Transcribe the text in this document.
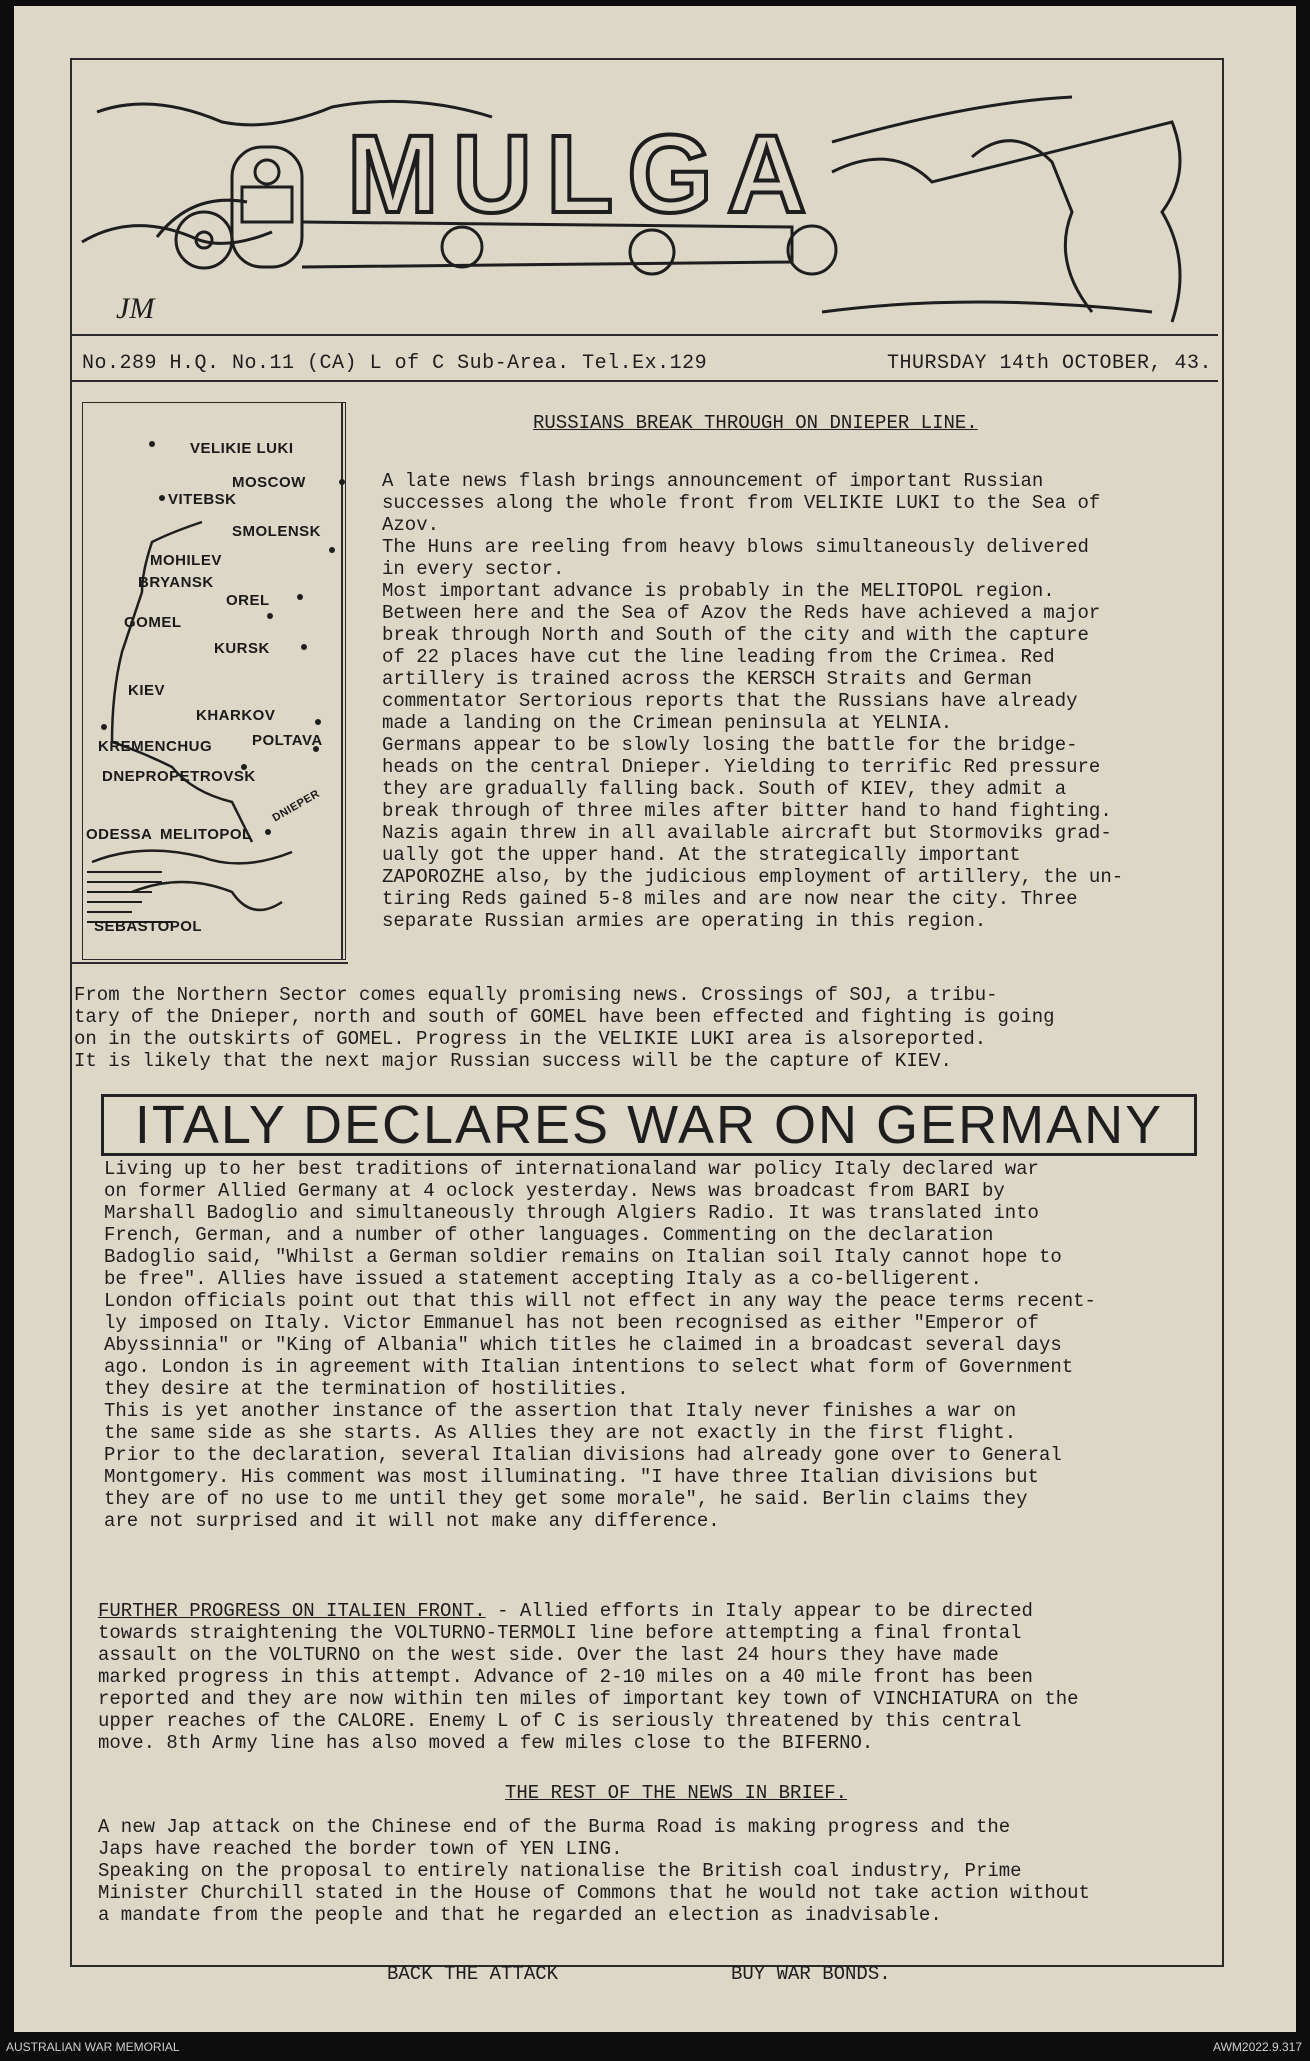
MULGA
JM
No.289 H.Q. No.11 (CA) L of C Sub-Area. Tel.Ex.129	THURSDAY 14th OCTOBER, 43.
VELIKIE LUKI
MOSCOW
VITEBSK
SMOLENSK
MOHILEV
BRYANSK
OREL
GOMEL
KURSK
KIEV
KHARKOV
KREMENCHUG	POLTAVA
DNEPROPETROVSK
DNIEPER
ODESSA MELITOPOL
SEBASTOPOL
RUSSIANS BREAK THROUGH ON DNIEPER LINE.
A late news flash brings announcement of important Russian
successes along the whole front from VELIKIE LUKI to the Sea of
Azov.
The Huns are reeling from heavy blows simultaneously delivered
in every sector.
Most important advance is probably in the MELITOPOL region.
Between here and the Sea of Azov the Reds have achieved a major
break through North and South of the city and with the capture
of 22 places have cut the line leading from the Crimea. Red
artillery is trained across the KERSCH Straits and German
commentator Sertorious reports that the Russians have already
made a landing on the Crimean peninsula at YELNIA.
Germans appear to be slowly losing the battle for the bridge-
heads on the central Dnieper. Yielding to terrific Red pressure
they are gradually falling back. South of KIEV, they admit a
break through of three miles after bitter hand to hand fighting.
Nazis again threw in all available aircraft but Stormoviks grad-
ually got the upper hand. At the strategically important
ZAPOROZHE also, by the judicious employment of artillery, the un-
tiring Reds gained 5-8 miles and are now near the city. Three
separate Russian armies are operating in this region.
From the Northern Sector comes equally promising news. Crossings of SOJ, a tribu-
tary of the Dnieper, north and south of GOMEL have been effected and fighting is going
on in the outskirts of GOMEL. Progress in the VELIKIE LUKI area is alsoreported.
It is likely that the next major Russian success will be the capture of KIEV.
ITALY DECLARES WAR ON GERMANY
Living up to her best traditions of internationaland war policy Italy declared war
on former Allied Germany at 4 oclock yesterday. News was broadcast from BARI by
Marshall Badoglio and simultaneously through Algiers Radio. It was translated into
French, German, and a number of other languages. Commenting on the declaration
Badoglio said, "Whilst a German soldier remains on Italian soil Italy cannot hope to
be free". Allies have issued a statement accepting Italy as a co-belligerent.
London officials point out that this will not effect in any way the peace terms recent-
ly imposed on Italy. Victor Emmanuel has not been recognised as either "Emperor of
Abyssinnia" or "King of Albania" which titles he claimed in a broadcast several days
ago. London is in agreement with Italian intentions to select what form of Government
they desire at the termination of hostilities.
This is yet another instance of the assertion that Italy never finishes a war on
the same side as she starts. As Allies they are not exactly in the first flight.
Prior to the declaration, several Italian divisions had already gone over to General
Montgomery. His comment was most illuminating. "I have three Italian divisions but
they are of no use to me until they get some morale", he said. Berlin claims they
are not surprised and it will not make any difference.
FURTHER PROGRESS ON ITALIEN FRONT. - Allied efforts in Italy appear to be directed
towards straightening the VOLTURNO-TERMOLI line before attempting a final frontal
assault on the VOLTURNO on the west side. Over the last 24 hours they have made
marked progress in this attempt. Advance of 2-10 miles on a 40 mile front has been
reported and they are now within ten miles of important key town of VINCHIATURA on the
upper reaches of the CALORE. Enemy L of C is seriously threatened by this central
move. 8th Army line has also moved a few miles close to the BIFERNO.
THE REST OF THE NEWS IN BRIEF.
A new Jap attack on the Chinese end of the Burma Road is making progress and the
Japs have reached the border town of YEN LING.
Speaking on the proposal to entirely nationalise the British coal industry, Prime
Minister Churchill stated in the House of Commons that he would not take action without
a mandate from the people and that he regarded an election as inadvisable.
BACK THE ATTACK	BUY WAR BONDS.
AUSTRALIAN WAR MEMORIAL	AWM2022.9.317
